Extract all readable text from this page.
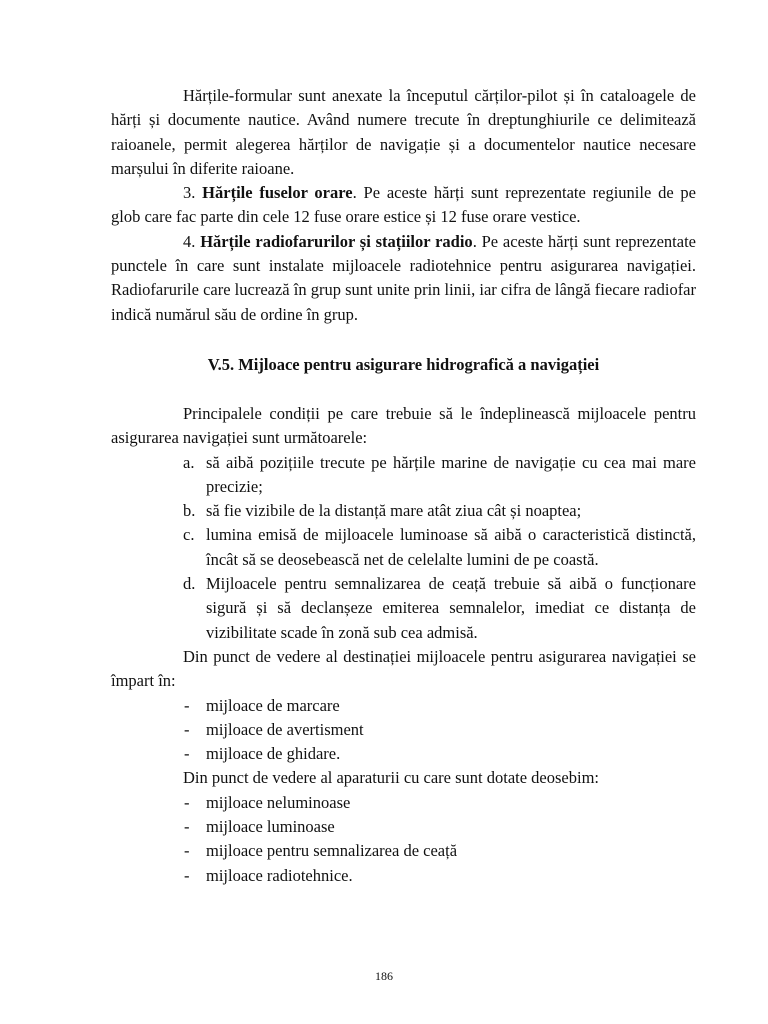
Hărțile-formular sunt anexate la începutul cărților-pilot și în cataloagele de hărți și documente nautice. Având numere trecute în dreptunghiurile ce delimitează raioanele, permit alegerea hărților de navigație și a documentelor nautice necesare marșului în diferite raioane.

3. Hărțile fuselor orare. Pe aceste hărți sunt reprezentate regiunile de pe glob care fac parte din cele 12 fuse orare estice și 12 fuse orare vestice.

4. Hărțile radiofarurilor și stațiilor radio. Pe aceste hărți sunt reprezentate punctele în care sunt instalate mijloacele radiotehnice pentru asigurarea navigației. Radiofarurile care lucrează în grup sunt unite prin linii, iar cifra de lângă fiecare radiofar indică numărul său de ordine în grup.

V.5. Mijloace pentru asigurare hidrografică a navigației

Principalele condiții pe care trebuie să le îndeplinească mijloacele pentru asigurarea navigației sunt următoarele:

a. să aibă pozițiile trecute pe hărțile marine de navigație cu cea mai mare precizie;
b. să fie vizibile de la distanță mare atât ziua cât și noaptea;
c. lumina emisă de mijloacele luminoase să aibă o caracteristică distinctă, încât să se deosebească net de celelalte lumini de pe coastă.
d. Mijloacele pentru semnalizarea de ceață trebuie să aibă o funcționare sigură și să declanșeze emiterea semnalelor, imediat ce distanța de vizibilitate scade în zonă sub cea admisă.

Din punct de vedere al destinației mijloacele pentru asigurarea navigației se împart în:

- mijloace de marcare
- mijloace de avertisment
- mijloace de ghidare.

Din punct de vedere al aparaturii cu care sunt dotate deosebim:

- mijloace neluminoase
- mijloace luminoase
- mijloace pentru semnalizarea de ceață
- mijloace radiotehnice.
186
